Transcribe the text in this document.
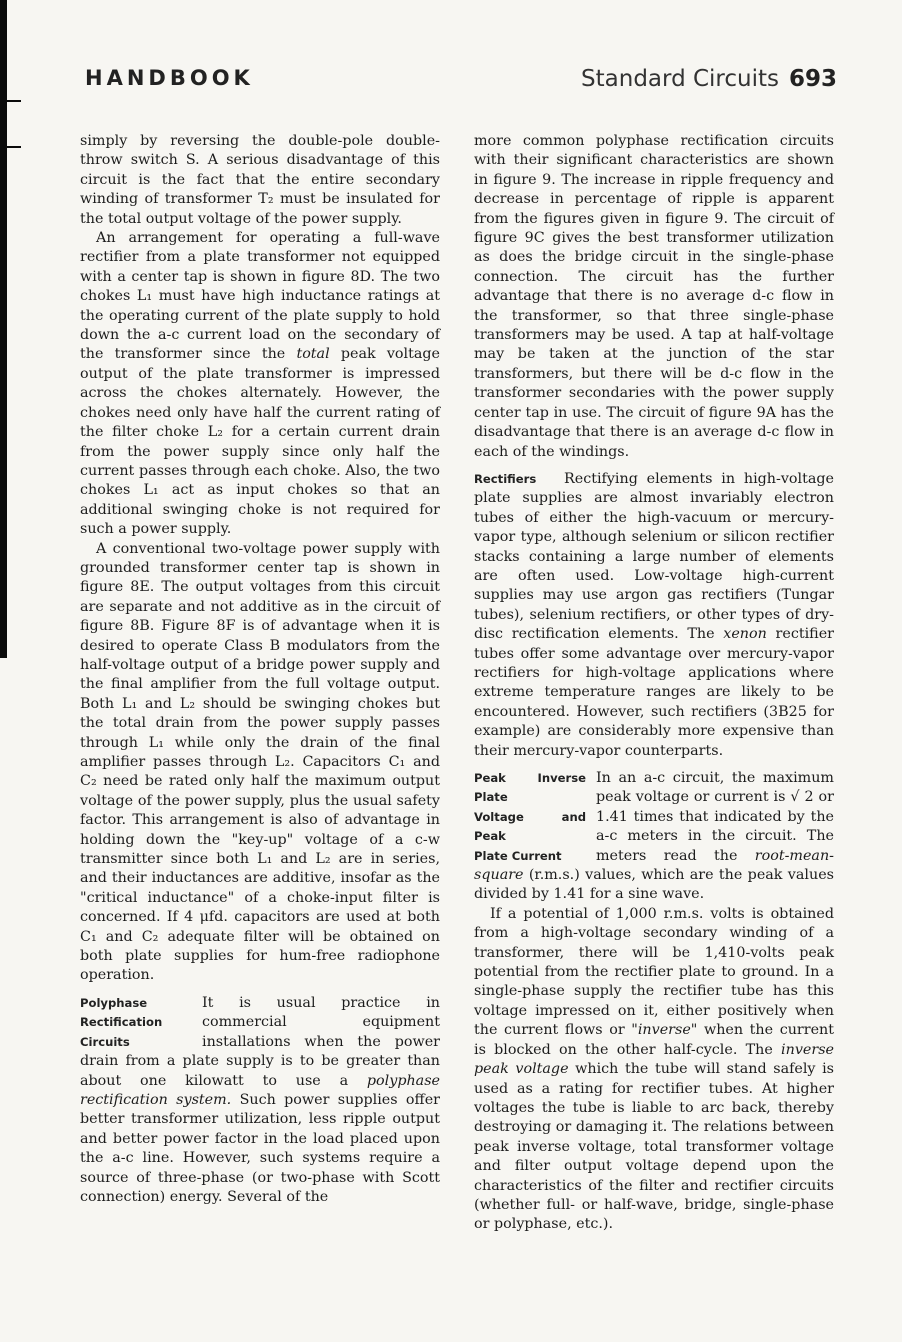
HANDBOOK	Standard Circuits 693

simply by reversing the double-pole double-throw switch S. A serious disadvantage of this circuit is the fact that the entire secondary winding of transformer T₂ must be insulated for the total output voltage of the power supply.

An arrangement for operating a full-wave rectifier from a plate transformer not equipped with a center tap is shown in figure 8D. The two chokes L₁ must have high inductance ratings at the operating current of the plate supply to hold down the a-c current load on the secondary of the transformer since the total peak voltage output of the plate transformer is impressed across the chokes alternately. However, the chokes need only have half the current rating of the filter choke L₂ for a certain current drain from the power supply since only half the current passes through each choke. Also, the two chokes L₁ act as input chokes so that an additional swinging choke is not required for such a power supply.

A conventional two-voltage power supply with grounded transformer center tap is shown in figure 8E. The output voltages from this circuit are separate and not additive as in the circuit of figure 8B. Figure 8F is of advantage when it is desired to operate Class B modulators from the half-voltage output of a bridge power supply and the final amplifier from the full voltage output. Both L₁ and L₂ should be swinging chokes but the total drain from the power supply passes through L₁ while only the drain of the final amplifier passes through L₂. Capacitors C₁ and C₂ need be rated only half the maximum output voltage of the power supply, plus the usual safety factor. This arrangement is also of advantage in holding down the "key-up" voltage of a c-w transmitter since both L₁ and L₂ are in series, and their inductances are additive, insofar as the "critical inductance" of a choke-input filter is concerned. If 4 μfd. capacitors are used at both C₁ and C₂ adequate filter will be obtained on both plate supplies for hum-free radiophone operation.

Polyphase
Rectification
Circuits
It is usual practice in commercial equipment installations when the power drain from a plate supply is to be greater than about one kilowatt to use a polyphase rectification system. Such power supplies offer better transformer utilization, less ripple output and better power factor in the load placed upon the a-c line. However, such systems require a source of three-phase (or two-phase with Scott connection) energy. Several of the

more common polyphase rectification circuits with their significant characteristics are shown in figure 9. The increase in ripple frequency and decrease in percentage of ripple is apparent from the figures given in figure 9. The circuit of figure 9C gives the best transformer utilization as does the bridge circuit in the single-phase connection. The circuit has the further advantage that there is no average d-c flow in the transformer, so that three single-phase transformers may be used. A tap at half-voltage may be taken at the junction of the star transformers, but there will be d-c flow in the transformer secondaries with the power supply center tap in use. The circuit of figure 9A has the disadvantage that there is an average d-c flow in each of the windings.

Rectifiers	Rectifying elements in high-voltage plate supplies are almost invariably electron tubes of either the high-vacuum or mercury-vapor type, although selenium or silicon rectifier stacks containing a large number of elements are often used. Low-voltage high-current supplies may use argon gas rectifiers (Tungar tubes), selenium rectifiers, or other types of dry-disc rectification elements. The xenon rectifier tubes offer some advantage over mercury-vapor rectifiers for high-voltage applications where extreme temperature ranges are likely to be encountered. However, such rectifiers (3B25 for example) are considerably more expensive than their mercury-vapor counterparts.

Peak Inverse Plate
Voltage and Peak
Plate Current
In an a-c circuit, the maximum peak voltage or current is √ 2 or 1.41 times that indicated by the a-c meters in the circuit. The meters read the root-mean-square (r.m.s.) values, which are the peak values divided by 1.41 for a sine wave.

If a potential of 1,000 r.m.s. volts is obtained from a high-voltage secondary winding of a transformer, there will be 1,410-volts peak potential from the rectifier plate to ground. In a single-phase supply the rectifier tube has this voltage impressed on it, either positively when the current flows or "inverse" when the current is blocked on the other half-cycle. The inverse peak voltage which the tube will stand safely is used as a rating for rectifier tubes. At higher voltages the tube is liable to arc back, thereby destroying or damaging it. The relations between peak inverse voltage, total transformer voltage and filter output voltage depend upon the characteristics of the filter and rectifier circuits (whether full- or half-wave, bridge, single-phase or polyphase, etc.).
